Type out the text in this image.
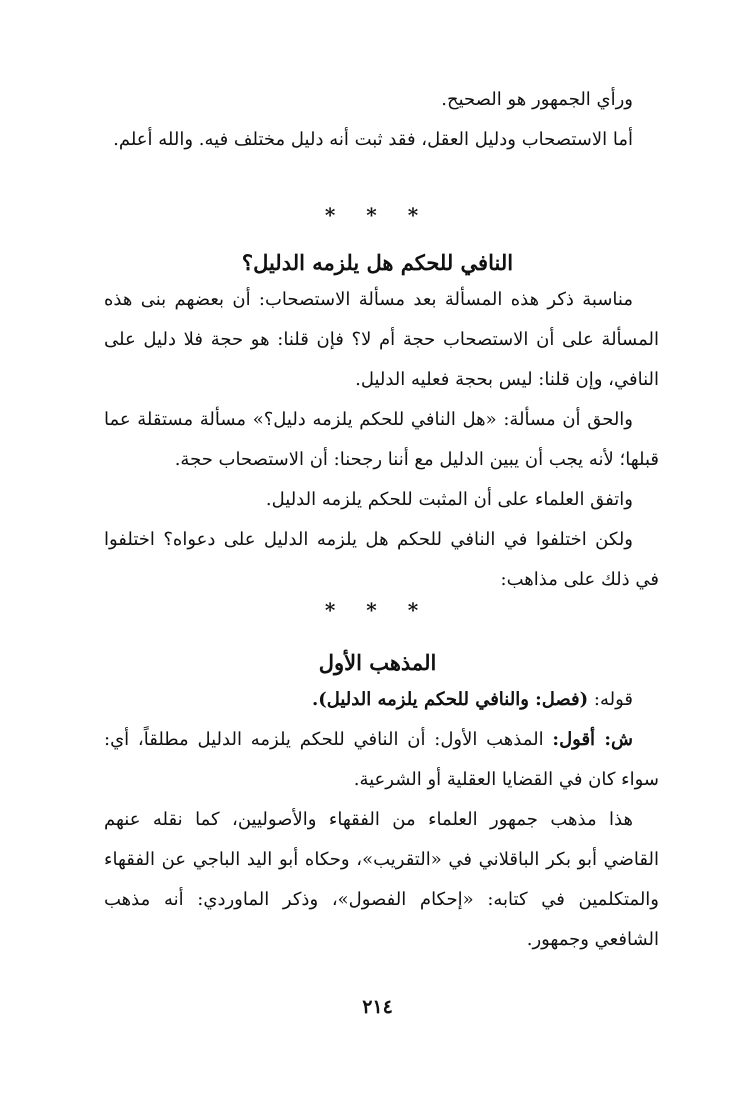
ورأي الجمهور هو الصحيح.

أما الاستصحاب ودليل العقل، فقد ثبت أنه دليل مختلف فيه. والله أعلم.

* * *
النافي للحكم هل يلزمه الدليل؟

مناسبة ذكر هذه المسألة بعد مسألة الاستصحاب: أن بعضهم بنى هذه المسألة على أن الاستصحاب حجة أم لا؟ فإن قلنا: هو حجة فلا دليل على النافي، وإن قلنا: ليس بحجة فعليه الدليل.

والحق أن مسألة: «هل النافي للحكم يلزمه دليل؟» مسألة مستقلة عما قبلها؛ لأنه يجب أن يبين الدليل مع أننا رجحنا: أن الاستصحاب حجة.

واتفق العلماء على أن المثبت للحكم يلزمه الدليل.

ولكن اختلفوا في النافي للحكم هل يلزمه الدليل على دعواه؟ اختلفوا في ذلك على مذاهب:

* * *
المذهب الأول

قوله: (فصل: والنافي للحكم يلزمه الدليل).

ش: أقول: المذهب الأول: أن النافي للحكم يلزمه الدليل مطلقاً، أي: سواء كان في القضايا العقلية أو الشرعية.

هذا مذهب جمهور العلماء من الفقهاء والأصوليين، كما نقله عنهم القاضي أبو بكر الباقلاني في «التقريب»، وحكاه أبو اليد الباجي عن الفقهاء والمتكلمين في كتابه: «إحكام الفصول»، وذكر الماوردي: أنه مذهب الشافعي وجمهور.

٢١٤
